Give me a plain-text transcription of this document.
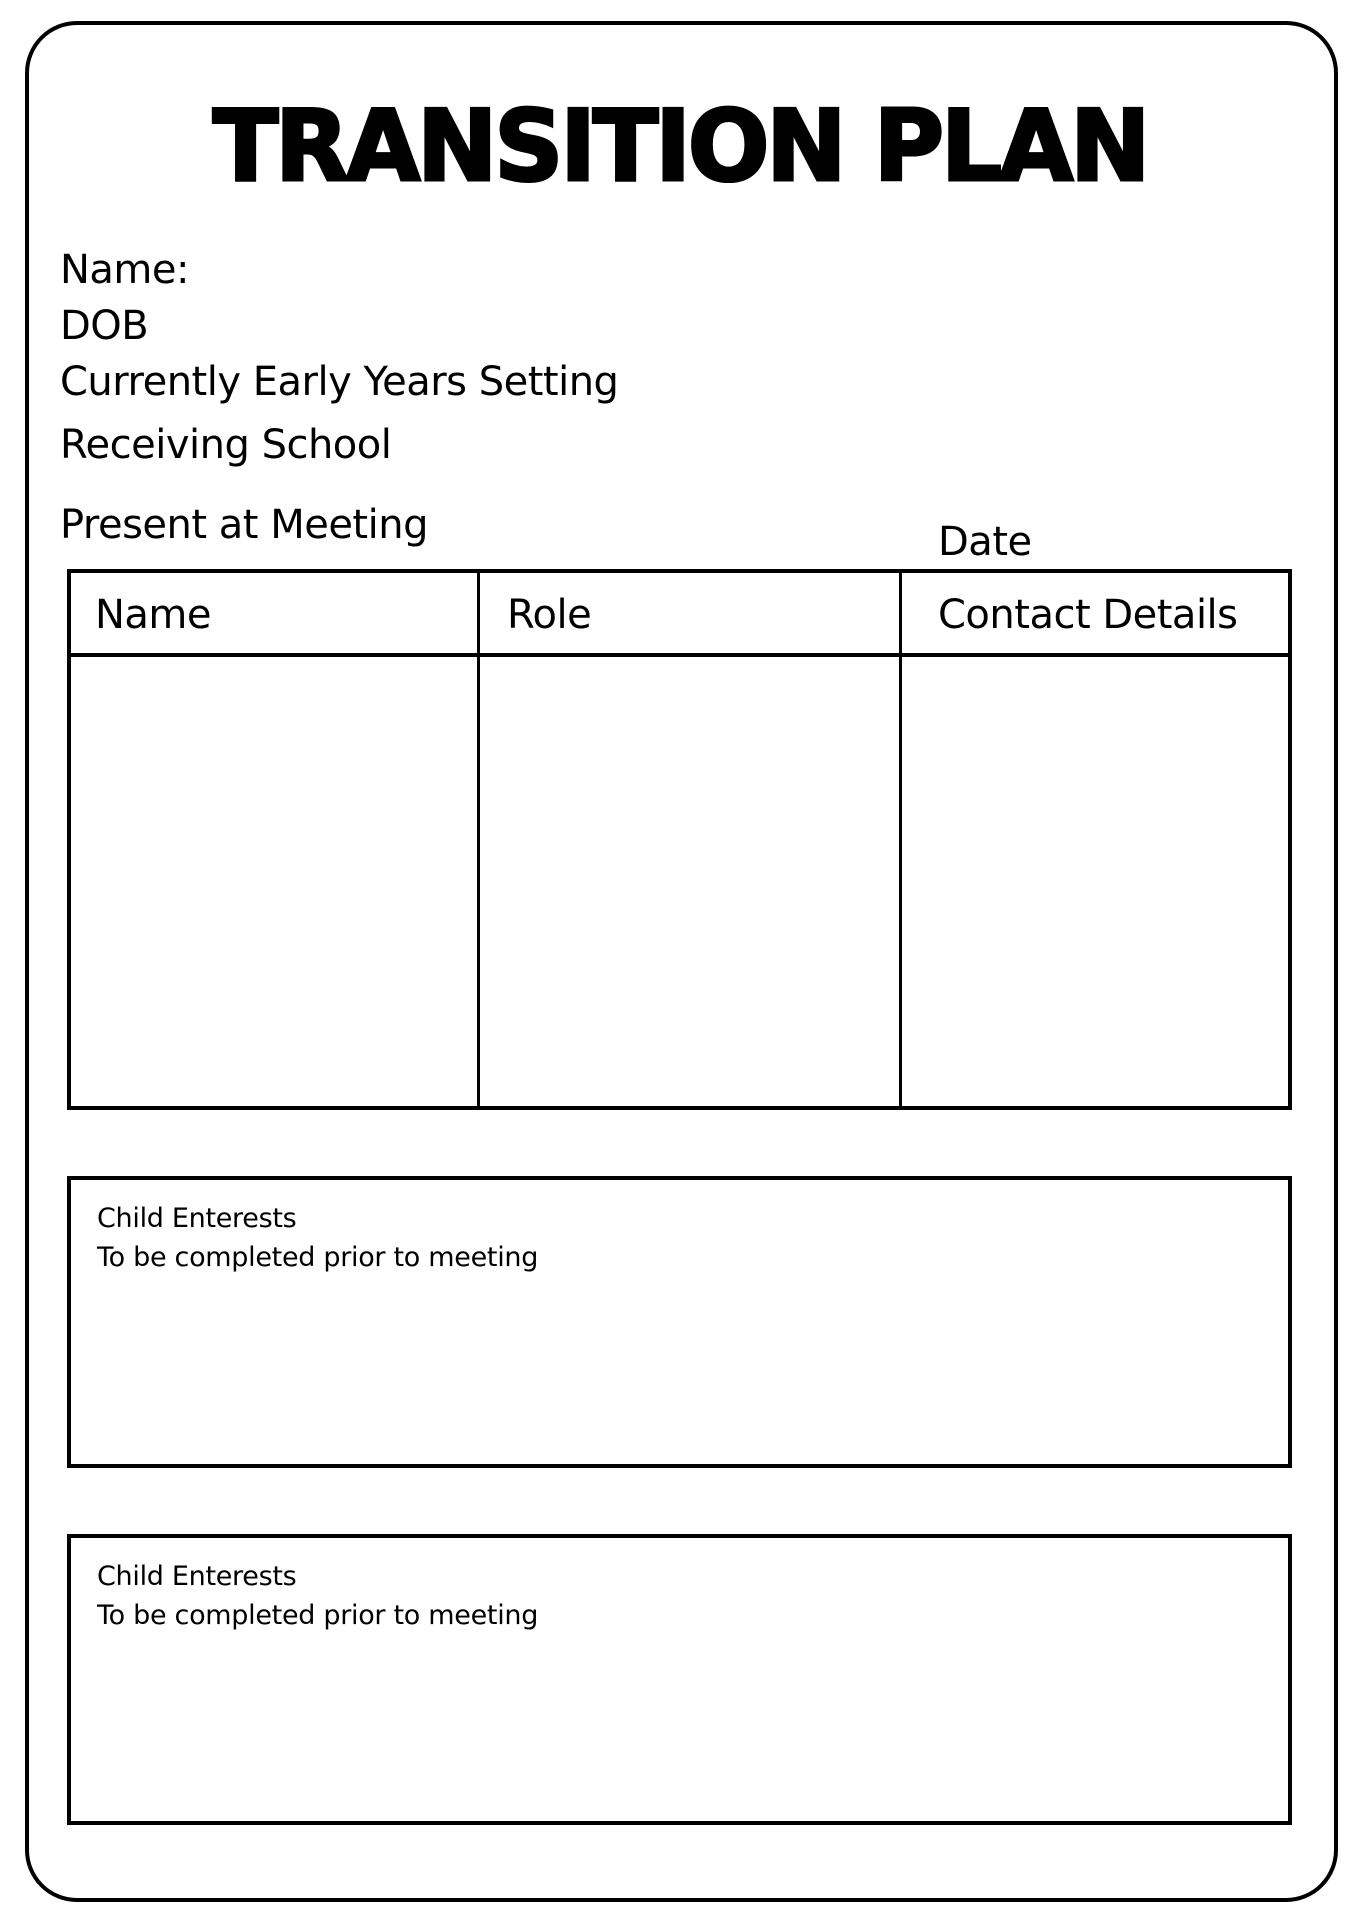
TRANSITION PLAN
Name:
DOB
Currently Early Years Setting
Receiving School
Present at Meeting	Date
Name	Role	Contact Details
Child Enterests
To be completed prior to meeting
Child Enterests
To be completed prior to meeting
